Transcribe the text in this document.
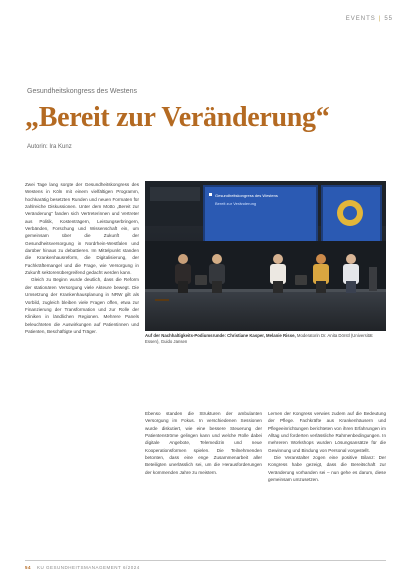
EVENTS | 55
Gesundheitskongress des Westens
„Bereit zur Veränderung“
Autorin: Ira Kunz

Zwei Tage lang sorgte der Gesundheitskongress des Westens in Köln mit einem vielfältigen Programm, hochkarätig besetzten Runden und neuen Formaten für zahlreiche Diskussionen. Unter dem Motto „Bereit zur Veränderung“ fanden sich Vertreterinnen und Vertreter aus Politik, Kostenträgern, Leistungserbringern, Verbänden, Forschung und Wissenschaft ein, um gemeinsam über die Zukunft der Gesundheitsversorgung in Nordrhein-Westfalen und darüber hinaus zu debattieren. Im Mittelpunkt standen die Krankenhausreform, die Digitalisierung, der Fachkräftemangel und die Frage, wie Versorgung in Zukunft sektorenübergreifend gedacht werden kann.

Gleich zu Beginn wurde deutlich, dass die Reform der stationären Versorgung viele Akteure bewegt. Die Umsetzung der Krankenhausplanung in NRW gilt als Vorbild, zugleich bleiben viele Fragen offen, etwa zur Finanzierung der Transformation und zur Rolle der Kliniken in ländlichen Regionen. Mehrere Panels beleuchteten die Auswirkungen auf Patientinnen und Patienten, Beschäftigte und Träger.

Gesundheitskongress des Westens
Bereit zur Veränderung
Auf der Nachhaltigkeits-Podiumsrunde: Christiane Kasper, Melanie Risse, Moderatorin Dr. Anita Dörstl (Universität Essen), Guido Jansen

Ebenso standen die Strukturen der ambulanten Versorgung im Fokus. In verschiedenen Sessionen wurde diskutiert, wie eine bessere Steuerung der Patientenströme gelingen kann und welche Rolle dabei digitale Angebote, Telemedizin und neue Kooperationsformen spielen. Die Teilnehmenden betonten, dass eine enge Zusammenarbeit aller Beteiligten unerlässlich sei, um die Herausforderungen der kommenden Jahre zu meistern.

Lernen der Kongress verwies zudem auf die Bedeutung der Pflege. Fachkräfte aus Krankenhäusern und Pflegeeinrichtungen berichteten von ihren Erfahrungen im Alltag und forderten verlässliche Rahmenbedingungen. In mehreren Workshops wurden Lösungsansätze für die Gewinnung und Bindung von Personal vorgestellt.

Die Veranstalter zogen eine positive Bilanz: Der Kongress habe gezeigt, dass die Bereitschaft zur Veränderung vorhanden sei – nun gehe es darum, diese gemeinsam umzusetzen.

54 KU GESUNDHEITSMANAGEMENT 6/2024
